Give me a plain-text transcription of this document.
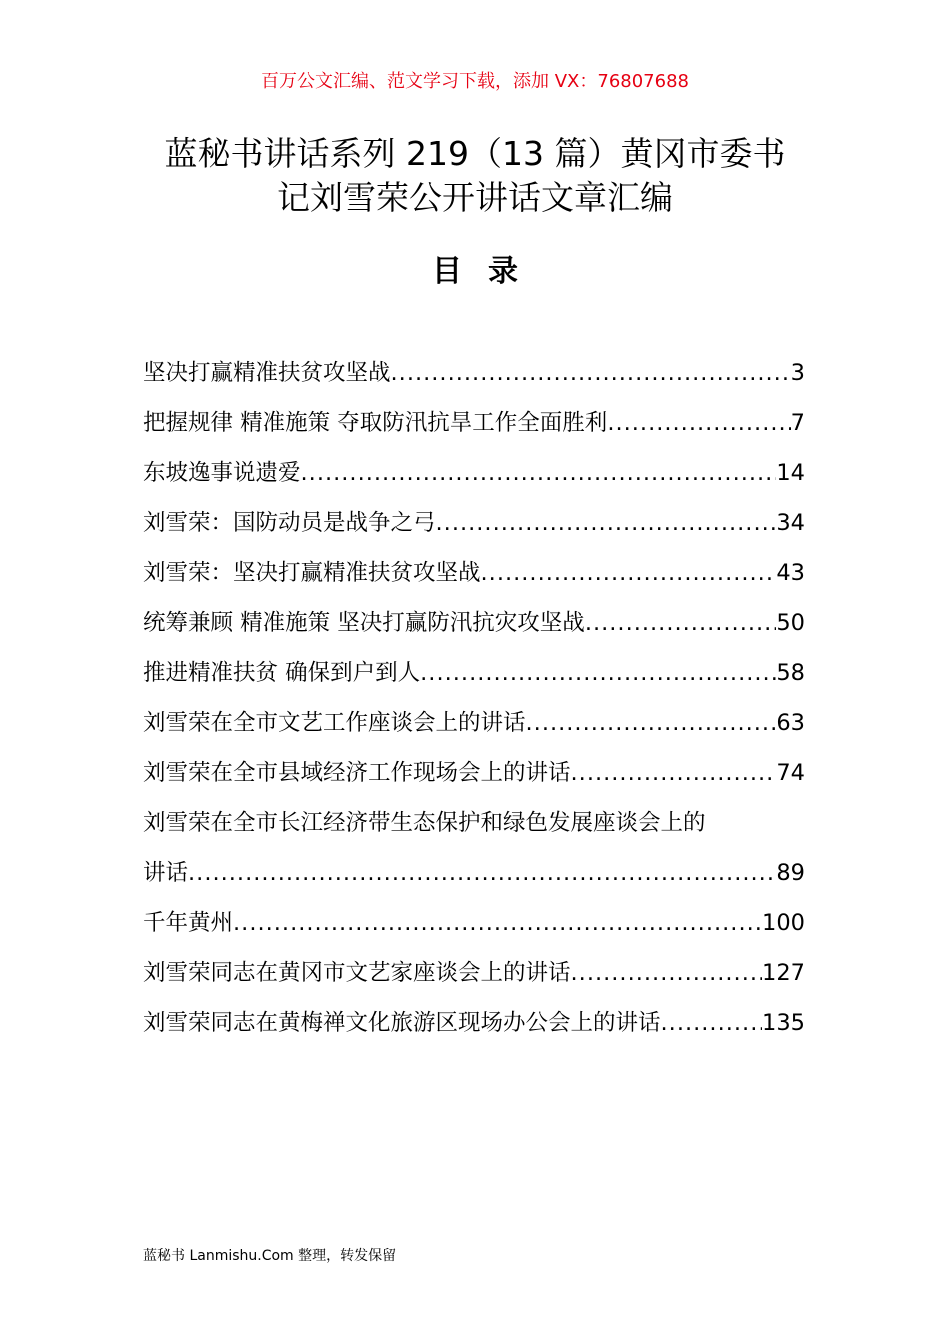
百万公文汇编、范文学习下载，添加 VX：76807688
蓝秘书讲话系列 219（13 篇）黄冈市委书
记刘雪荣公开讲话文章汇编
目录
坚决打赢精准扶贫攻坚战 .....	3
把握规律 精准施策 夺取防汛抗旱工作全面胜利 .....	7
东坡逸事说遗爱 .....	14
刘雪荣：国防动员是战争之弓 .....	34
刘雪荣：坚决打赢精准扶贫攻坚战 .....	43
统筹兼顾 精准施策 坚决打赢防汛抗灾攻坚战 .....	50
推进精准扶贫 确保到户到人 .....	58
刘雪荣在全市文艺工作座谈会上的讲话 .....	63
刘雪荣在全市县域经济工作现场会上的讲话 .....	74
刘雪荣在全市长江经济带生态保护和绿色发展座谈会上的
讲话 .....	89
千年黄州 .....	100
刘雪荣同志在黄冈市文艺家座谈会上的讲话 .....	127
刘雪荣同志在黄梅禅文化旅游区现场办公会上的讲话 .....	135
蓝秘书 Lanmishu.Com 整理，转发保留
